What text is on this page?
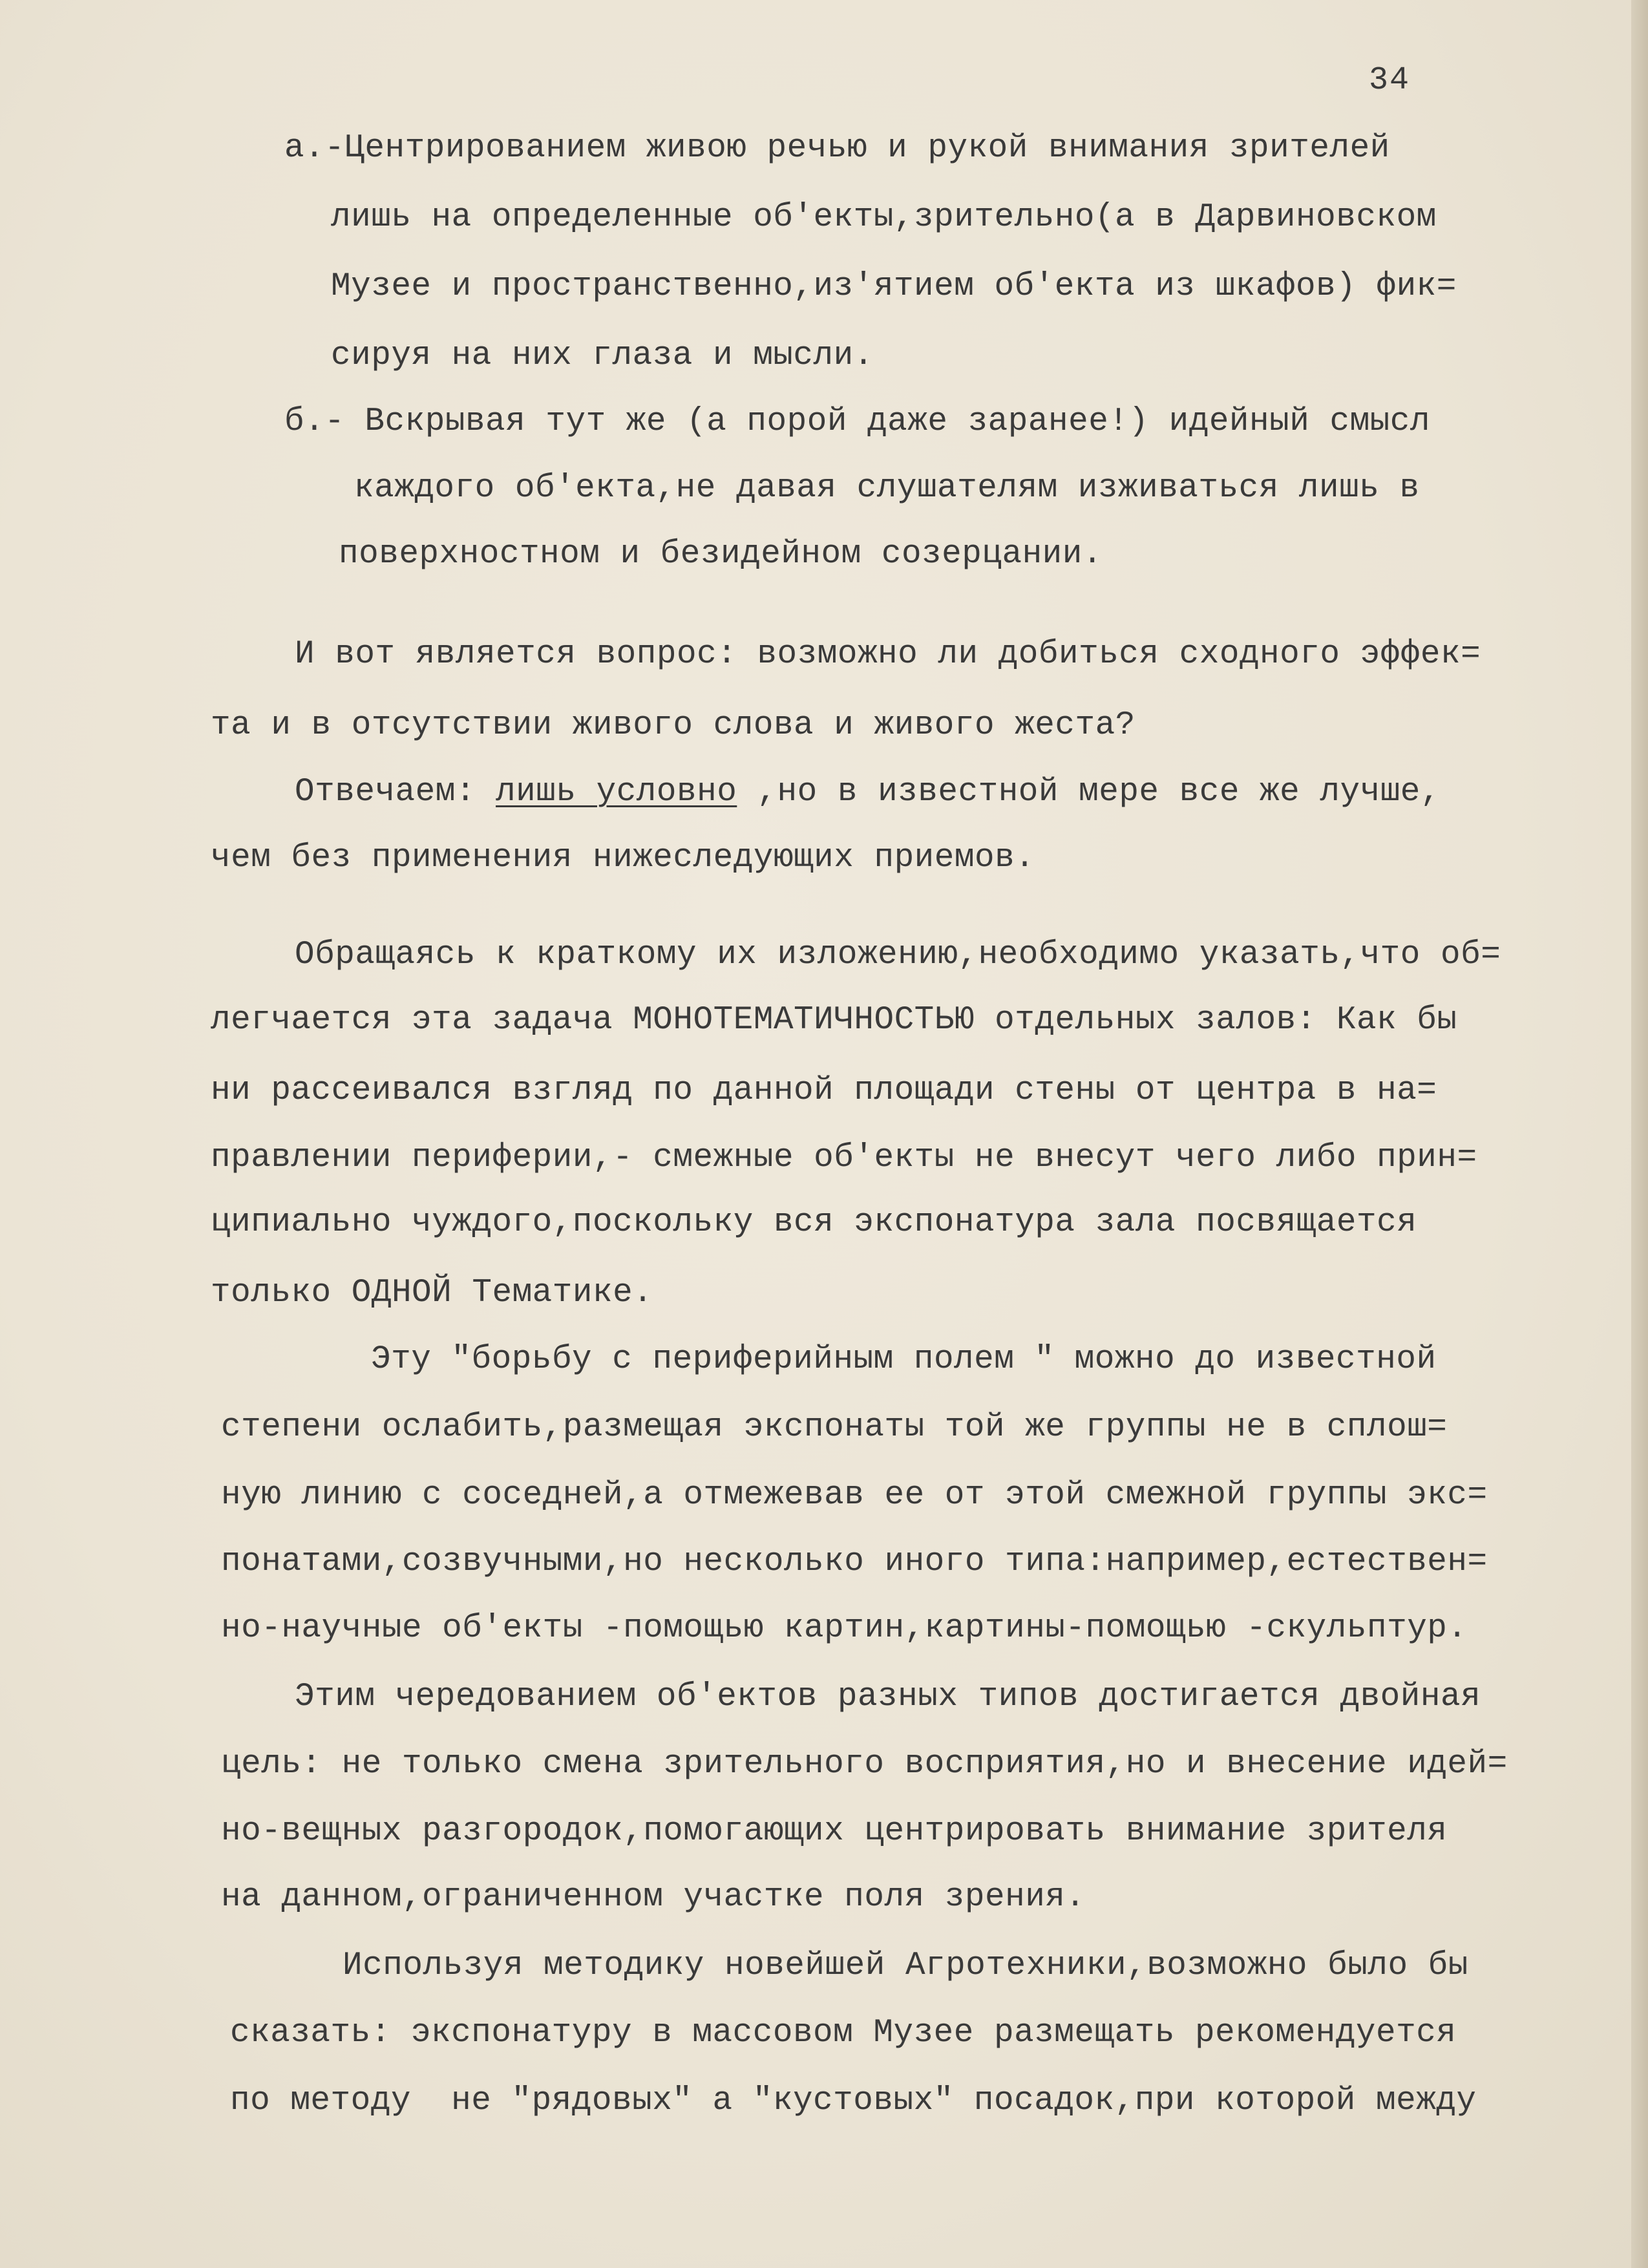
34
а.-Центрированием живою речью и рукой внимания зрителей
лишь на определенные об'екты,зрительно(а в Дарвиновском
Музее и пространственно,из'ятием об'екта из шкафов) фик=
сируя на них глаза и мысли.
б.- Вскрывая тут же (а порой даже заранее!) идейный смысл
каждого об'екта,не давая слушателям изживаться лишь в
поверхностном и безидейном созерцании.
И вот является вопрос: возможно ли добиться сходного эффек=
та и в отсутствии живого слова и живого жеста?
Отвечаем: лишь условно ,но в известной мере все же лучше,
чем без применения нижеследующих приемов.
Обращаясь к краткому их изложению,необходимо указать,что об=
легчается эта задача МОНОТЕМАТИЧНОСТЬЮ отдельных залов: Как бы
ни рассеивался взгляд по данной площади стены от центра в на=
правлении периферии,- смежные об'екты не внесут чего либо прин=
ципиально чуждого,поскольку вся экспонатура зала посвящается
только ОДНОЙ Тематике.
Эту "борьбу с периферийным полем " можно до известной
степени ослабить,размещая экспонаты той же группы не в сплош=
ную линию с соседней,а отмежевав ее от этой смежной группы экс=
понатами,созвучными,но несколько иного типа:например,естествен=
но-научные об'екты -помощью картин,картины-помощью -скульптур.
Этим чередованием об'ектов разных типов достигается двойная
цель: не только смена зрительного восприятия,но и внесение идей=
но-вещных разгородок,помогающих центрировать внимание зрителя
на данном,ограниченном участке поля зрения.
Используя методику новейшей Агротехники,возможно было бы
сказать: экспонатуру в массовом Музее размещать рекомендуется
по методу  не "рядовых" а "кустовых" посадок,при которой между
